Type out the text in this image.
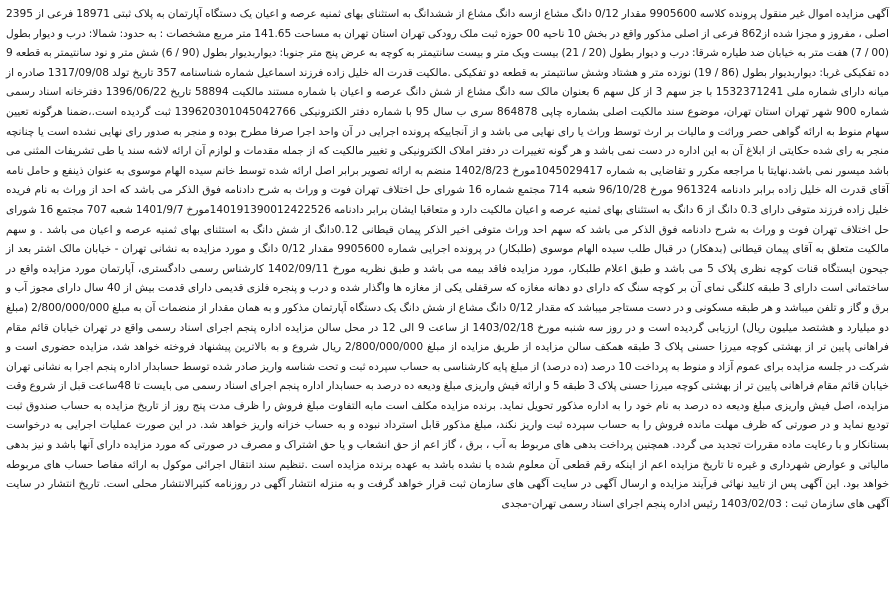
آگهی مزایده اموال غیر منقول پرونده کلاسه 9905600 مقدار 0/12 دانگ مشاع ازسه دانگ مشاع از ششدانگ به استثنای بهای ثمنیه عرصه و اعیان یک دستگاه آپارتمان به پلاک ثبتی 18971 فرعی از 2395 اصلی ، مفروز و مجزا شده از862 فرعی از اصلی مذکور واقع در بخش 10 ناحیه 00 حوزه ثبت ملک رودکی تهران استان تهران به مساحت 141.65 متر مربع مشخصات : به حدود: شمالا: درب و دیوار بطول (00 / 7) هفت متر به خیابان ضد طیاره شرقا: درب و دیوار بطول (20 / 21) بیست ویک متر و بیست سانتیمتر به کوچه به عرض پنج متر جنوبا: دیواربدیوار بطول (90 / 6) شش متر و نود سانتیمتر به قطعه 9 ده تفکیکی غربا: دیواربدیوار بطول (86 / 19) نوزده متر و هشتاد وشش سانتیمتر به قطعه دو تفکیکی .مالکیت قدرت اله خلیل زاده فرزند اسماعیل شماره شناسنامه 357 تاریخ تولد 1317/09/08 صادره از میانه دارای شماره ملی 1532371241 با جز سهم 3 از کل سهم 6 بعنوان مالک سه دانگ مشاع از شش دانگ عرصه و اعیان با شماره مستند مالکیت 58894 تاریخ 1396/06/22 دفترخانه اسناد رسمی شماره 900 شهر تهران استان تهران، موضوع سند مالکیت اصلی بشماره چاپی 864878 سری ب سال 95 با شماره دفتر الکترونیکی 139620301045042766 ثبت گردیده است.،ضمنا هرگونه تعیین سهام منوط به ارائه گواهی حصر وراثت و مالیات بر ارث توسط وراث یا رای نهایی می باشد و از آنجاییکه پرونده اجرایی در آن واحد اجرا صرفا مطرح بوده و منجر به صدور رای نهایی نشده است یا چنانچه منجر به رای شده حکایتی از ابلاغ آن به این اداره در دست نمی باشد و هر گونه تغییرات در دفتر املاک الکترونیکی و تغییر مالکیت که از جمله مقدمات و لوازم آن ارائه لاشه سند یا طی تشریفات المثنی می باشد میسور نمی باشد.نهایتا با مراجعه مکرر و تقاضایی به شماره 1045029417مورخ 1402/8/23 منضم به ارائه تصویر برابر اصل ارائه شده توسط خانم سیده الهام موسوی به عنوان ذینفع و حامل نامه آقای قدرت اله خلیل زاده برابر دادنامه 961324 مورخ 96/10/28 شعبه 714 مجتمع شماره 16 شورای حل اختلاف تهران فوت و وراث به شرح دادنامه فوق الذکر می باشد که احد از وراث به نام فریده خلیل زاده فرزند متوفی دارای 0.3 دانگ از 6 دانگ به استثنای بهای ثمنیه عرصه و اعیان مالکیت دارد و متعاقبا ایشان برابر دادنامه 140191390012422526مورخ 1401/9/7 شعبه 707 مجتمع 16 شورای حل اختلاف تهران فوت و وراث به شرح دادنامه فوق الذکر می باشد که سهم احد وراث متوفی اخیر الذکر پیمان قیطانی 0.12دانگ از شش دانگ به استثنای بهای ثمنیه عرصه و اعیان می باشد . و سهم مالکیت متعلق به آقای پیمان قیطانی (بدهکار) در قبال طلب سیده الهام موسوی (طلبکار) در پرونده اجرایی شماره 9905600 مقدار 0/12 دانگ و مورد مزایده به نشانی تهران - خیابان مالک اشتر بعد از جیحون ایستگاه قنات کوچه نظری پلاک 5 می باشد و طبق اعلام طلبکار، مورد مزایده فاقد بیمه می باشد و طبق نظریه مورخ 1402/09/11 کارشناس رسمی دادگستری، آپارتمان مورد مزایده واقع در ساختمانی است دارای 3 طبقه کلنگی نمای آن بر کوچه سنگ که دارای دو دهانه مغازه که سرقفلی یکی از مغازه ها واگذار شده و درب و پنجره فلزی قدیمی دارای قدمت بیش از 40 سال دارای مجوز آب و برق و گاز و تلفن میباشد و هر طبقه مسکونی و در دست مستاجر میباشد که مقدار 0/12 دانگ مشاع از شش دانگ یک دستگاه آپارتمان مذکور و به همان مقدار از منضمات آن به مبلغ 2/800/000/000 (مبلغ دو میلیارد و هشتصد میلیون ریال) ارزیابی گردیده است و در روز سه شنبه مورخ 1403/02/18 از ساعت 9 الی 12 در محل سالن مزایده اداره پنجم اجرای اسناد رسمی واقع در تهران خیابان قائم مقام فراهانی پایین تر از بهشتی کوچه میرزا حسنی پلاک 3 طبقه همکف سالن مزایده از طریق مزایده از مبلغ 2/800/000/000 ریال شروع و به بالاترین پیشنهاد فروخته خواهد شد، مزایده حضوری است و شرکت در جلسه مزایده برای عموم آزاد و منوط به پرداخت 10 درصد (ده درصد) از مبلغ پایه کارشناسی به حساب سپرده ثبت و تحت شناسه واریز صادر شده توسط حسابدار اداره پنجم اجرا به نشانی تهران خیابان قائم مقام فراهانی پایین تر از بهشتی کوچه میرزا حسنی پلاک 3 طبقه 5 و ارائه فیش واریزی مبلغ ودیعه ده درصد به حسابدار اداره پنجم اجرای اسناد رسمی می بایست تا 48ساعت قبل از شروع وقت مزایده، اصل فیش واریزی مبلغ ودیعه ده درصد به نام خود را به اداره مذکور تحویل نماید. برنده مزایده مکلف است مابه التفاوت مبلغ فروش را ظرف مدت پنج روز از تاریخ مزایده به حساب صندوق ثبت تودیع نماید و در صورتی که ظرف مهلت مانده فروش را به حساب سپرده ثبت واریز نکند، مبلغ مذکور قابل استرداد نبوده و به حساب خزانه واریز خواهد شد. در این صورت عملیات اجرایی به درخواست بستانکار و با رعایت ماده مقررات تجدید می گردد. همچنین پرداخت بدهی های مربوط به آب ، برق ، گاز اعم از حق انشعاب و یا حق اشتراک و مصرف در صورتی که مورد مزایده دارای آنها باشد و نیز بدهی مالیاتی و عوارض شهرداری و غیره تا تاریخ مزایده اعم از اینکه رقم قطعی آن معلوم شده یا نشده باشد به عهده برنده مزایده است .تنظیم سند انتقال اجرائی موکول به ارائه مفاصا حساب های مربوطه خواهد بود. این آگهی پس از تایید نهائی فرآیند مزایده و ارسال آگهی در سایت آگهی های سازمان ثبت قرار خواهد گرفت و به منزله انتشار آگهی در روزنامه کثیرالانتشار محلی است. تاریخ انتشار در سایت آگهی های سازمان ثبت : 1403/02/03 رئیس اداره پنجم اجرای اسناد رسمی تهران-مجدی
